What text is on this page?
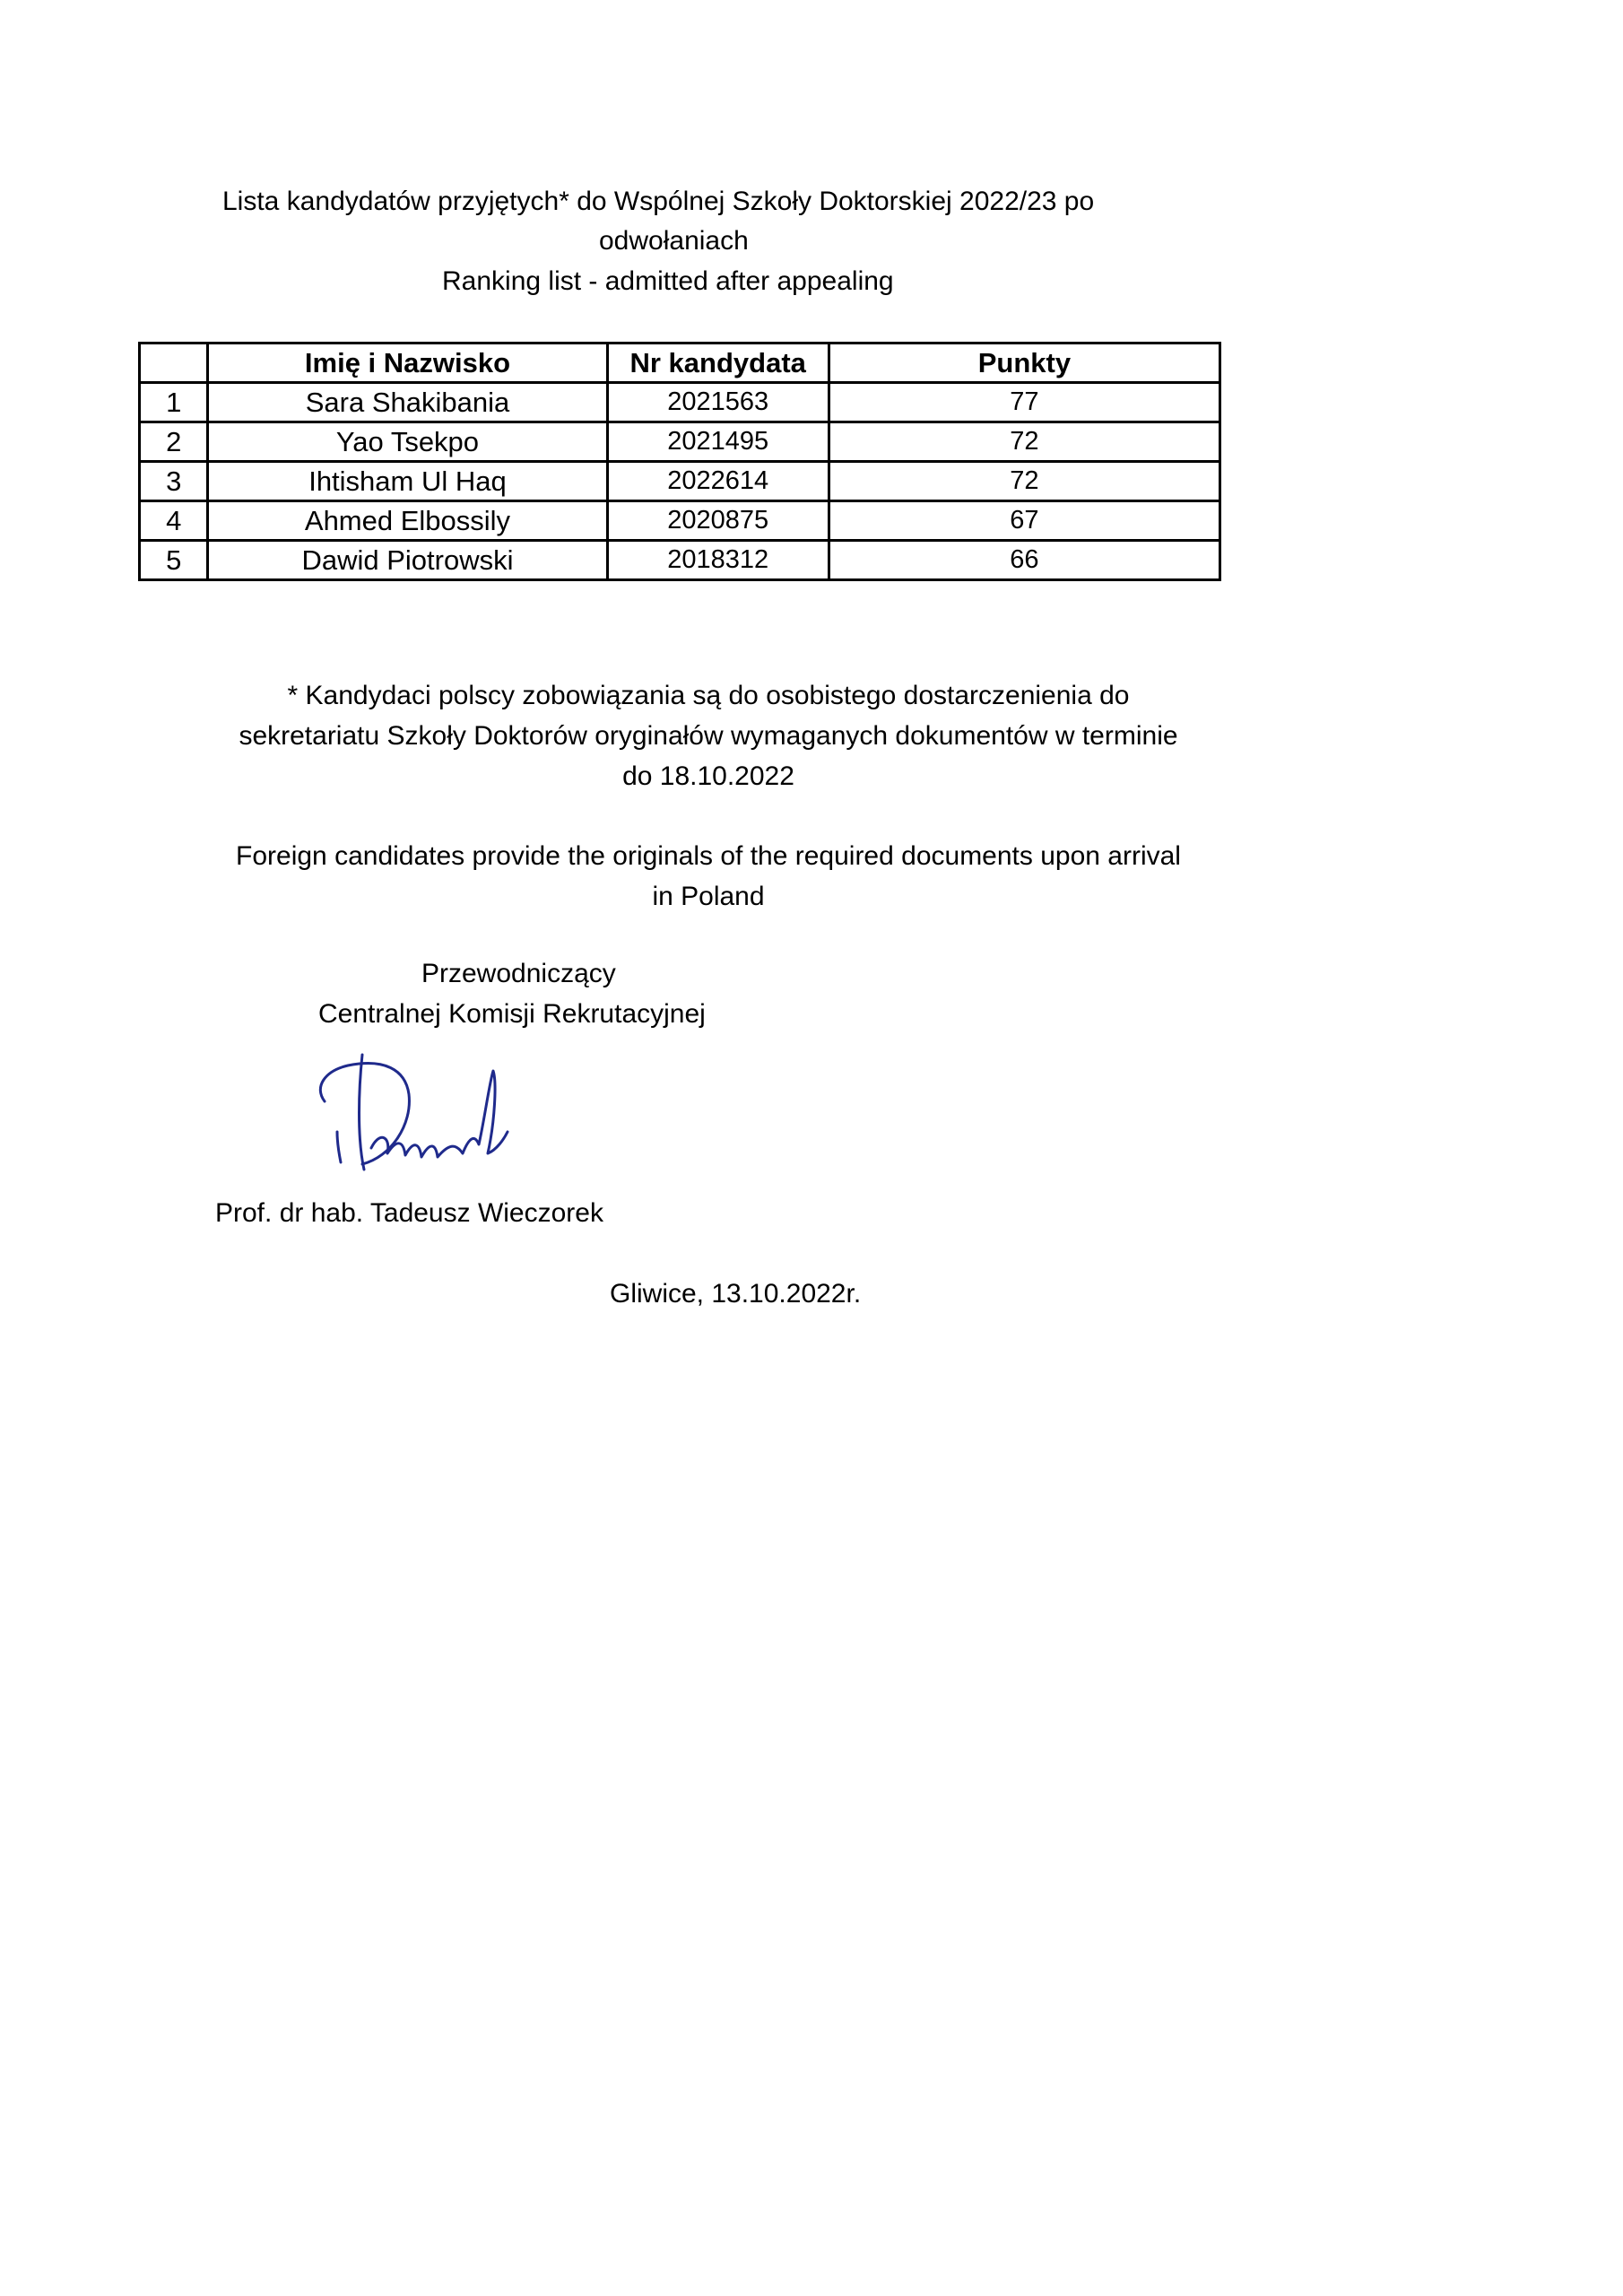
Lista kandydatów przyjętych* do Wspólnej Szkoły Doktorskiej 2022/23 po

odwołaniach

Ranking list - admitted after appealing

	Imię i Nazwisko	Nr kandydata	Punkty
1	Sara Shakibania	2021563	77
2	Yao Tsekpo	2021495	72
3	Ihtisham Ul Haq	2022614	72
4	Ahmed Elbossily	2020875	67
5	Dawid Piotrowski	2018312	66
* Kandydaci polscy zobowiązania są do osobistego dostarczenienia do
sekretariatu Szkoły Doktorów oryginałów wymaganych dokumentów w terminie
do 18.10.2022
Foreign candidates provide the originals of the required documents upon arrival
in Poland

Przewodniczący

Centralnej Komisji Rekrutacyjnej

Prof. dr hab. Tadeusz Wieczorek

Gliwice, 13.10.2022r.
